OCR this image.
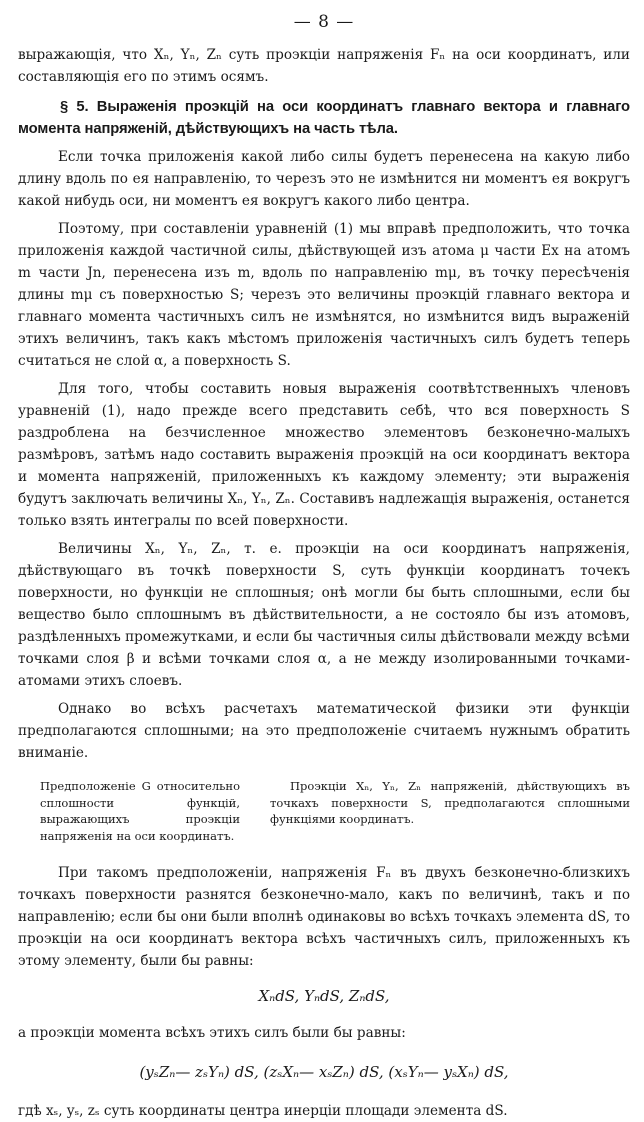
— 8 —

выражающія, что Xₙ, Yₙ, Zₙ суть проэкціи напряженія Fₙ на оси координатъ, или составляющія его по этимъ осямъ.

§ 5. Выраженія проэкцій на оси координатъ главнаго вектора и главнаго момента напряженій, дѣйствующихъ на часть тѣла.

Если точка приложенія какой либо силы будетъ перенесена на какую либо длину вдоль по ея направленію, то черезъ это не измѣнится ни моментъ ея вокругъ какой нибудь оси, ни моментъ ея вокругъ какого либо центра.

Поэтому, при составленіи уравненій (1) мы вправѣ предположить, что точка приложенія каждой частичной силы, дѣйствующей изъ атома μ части Ex на атомъ m части Jn, перенесена изъ m, вдоль по направленію mμ, въ точку пересѣченія длины mμ съ поверхностью S; черезъ это величины проэкцій главнаго вектора и главнаго момента частичныхъ силъ не измѣнятся, но измѣнится видъ выраженій этихъ величинъ, такъ какъ мѣстомъ приложенія частичныхъ силъ будетъ теперь считаться не слой α, а поверхность S.

Для того, чтобы составить новыя выраженія соотвѣтственныхъ членовъ уравненій (1), надо прежде всего представить себѣ, что вся поверхность S раздроблена на безчисленное множество элементовъ безконечно-малыхъ размѣровъ, затѣмъ надо составить выраженія проэкцій на оси координатъ вектора и момента напряженій, приложенныхъ къ каждому элементу; эти выраженія будутъ заключать величины Xₙ, Yₙ, Zₙ. Составивъ надлежащія выраженія, останется только взять интегралы по всей поверхности.

Величины Xₙ, Yₙ, Zₙ, т. е. проэкціи на оси координатъ напряженія, дѣйствующаго въ точкѣ поверхности S, суть функціи координатъ точекъ поверхности, но функціи не сплошныя; онѣ могли бы быть сплошными, если бы вещество было сплошнымъ въ дѣйствительности, а не состояло бы изъ атомовъ, раздѣленныхъ промежутками, и если бы частичныя силы дѣйствовали между всѣми точками слоя β и всѣми точками слоя α, а не между изолированными точками-атомами этихъ слоевъ.

Однако во всѣхъ расчетахъ математической физики эти функціи предполагаются сплошными; на это предположеніе считаемъ нужнымъ обратить вниманіе.

Предположеніе G относительно сплошности функцій, выражающихъ проэкціи напряженія на оси координатъ.
Проэкціи Xₙ, Yₙ, Zₙ напряженій, дѣйствующихъ въ точкахъ поверхности S, предполагаются сплошными функціями координатъ.

При такомъ предположеніи, напряженія Fₙ въ двухъ безконечно-близкихъ точкахъ поверхности разнятся безконечно-мало, какъ по величинѣ, такъ и по направленію; если бы они были вполнѣ одинаковы во всѣхъ точкахъ элемента dS, то проэкціи на оси координатъ вектора всѣхъ частичныхъ силъ, приложенныхъ къ этому элементу, были бы равны:

XₙdS, YₙdS, ZₙdS,

а проэкціи момента всѣхъ этихъ силъ были бы равны:

(yₛZₙ— zₛYₙ) dS, (zₛXₙ— xₛZₙ) dS, (xₛYₙ— yₛXₙ) dS,

гдѣ xₛ, yₛ, zₛ суть координаты центра инерціи площади элемента dS.
